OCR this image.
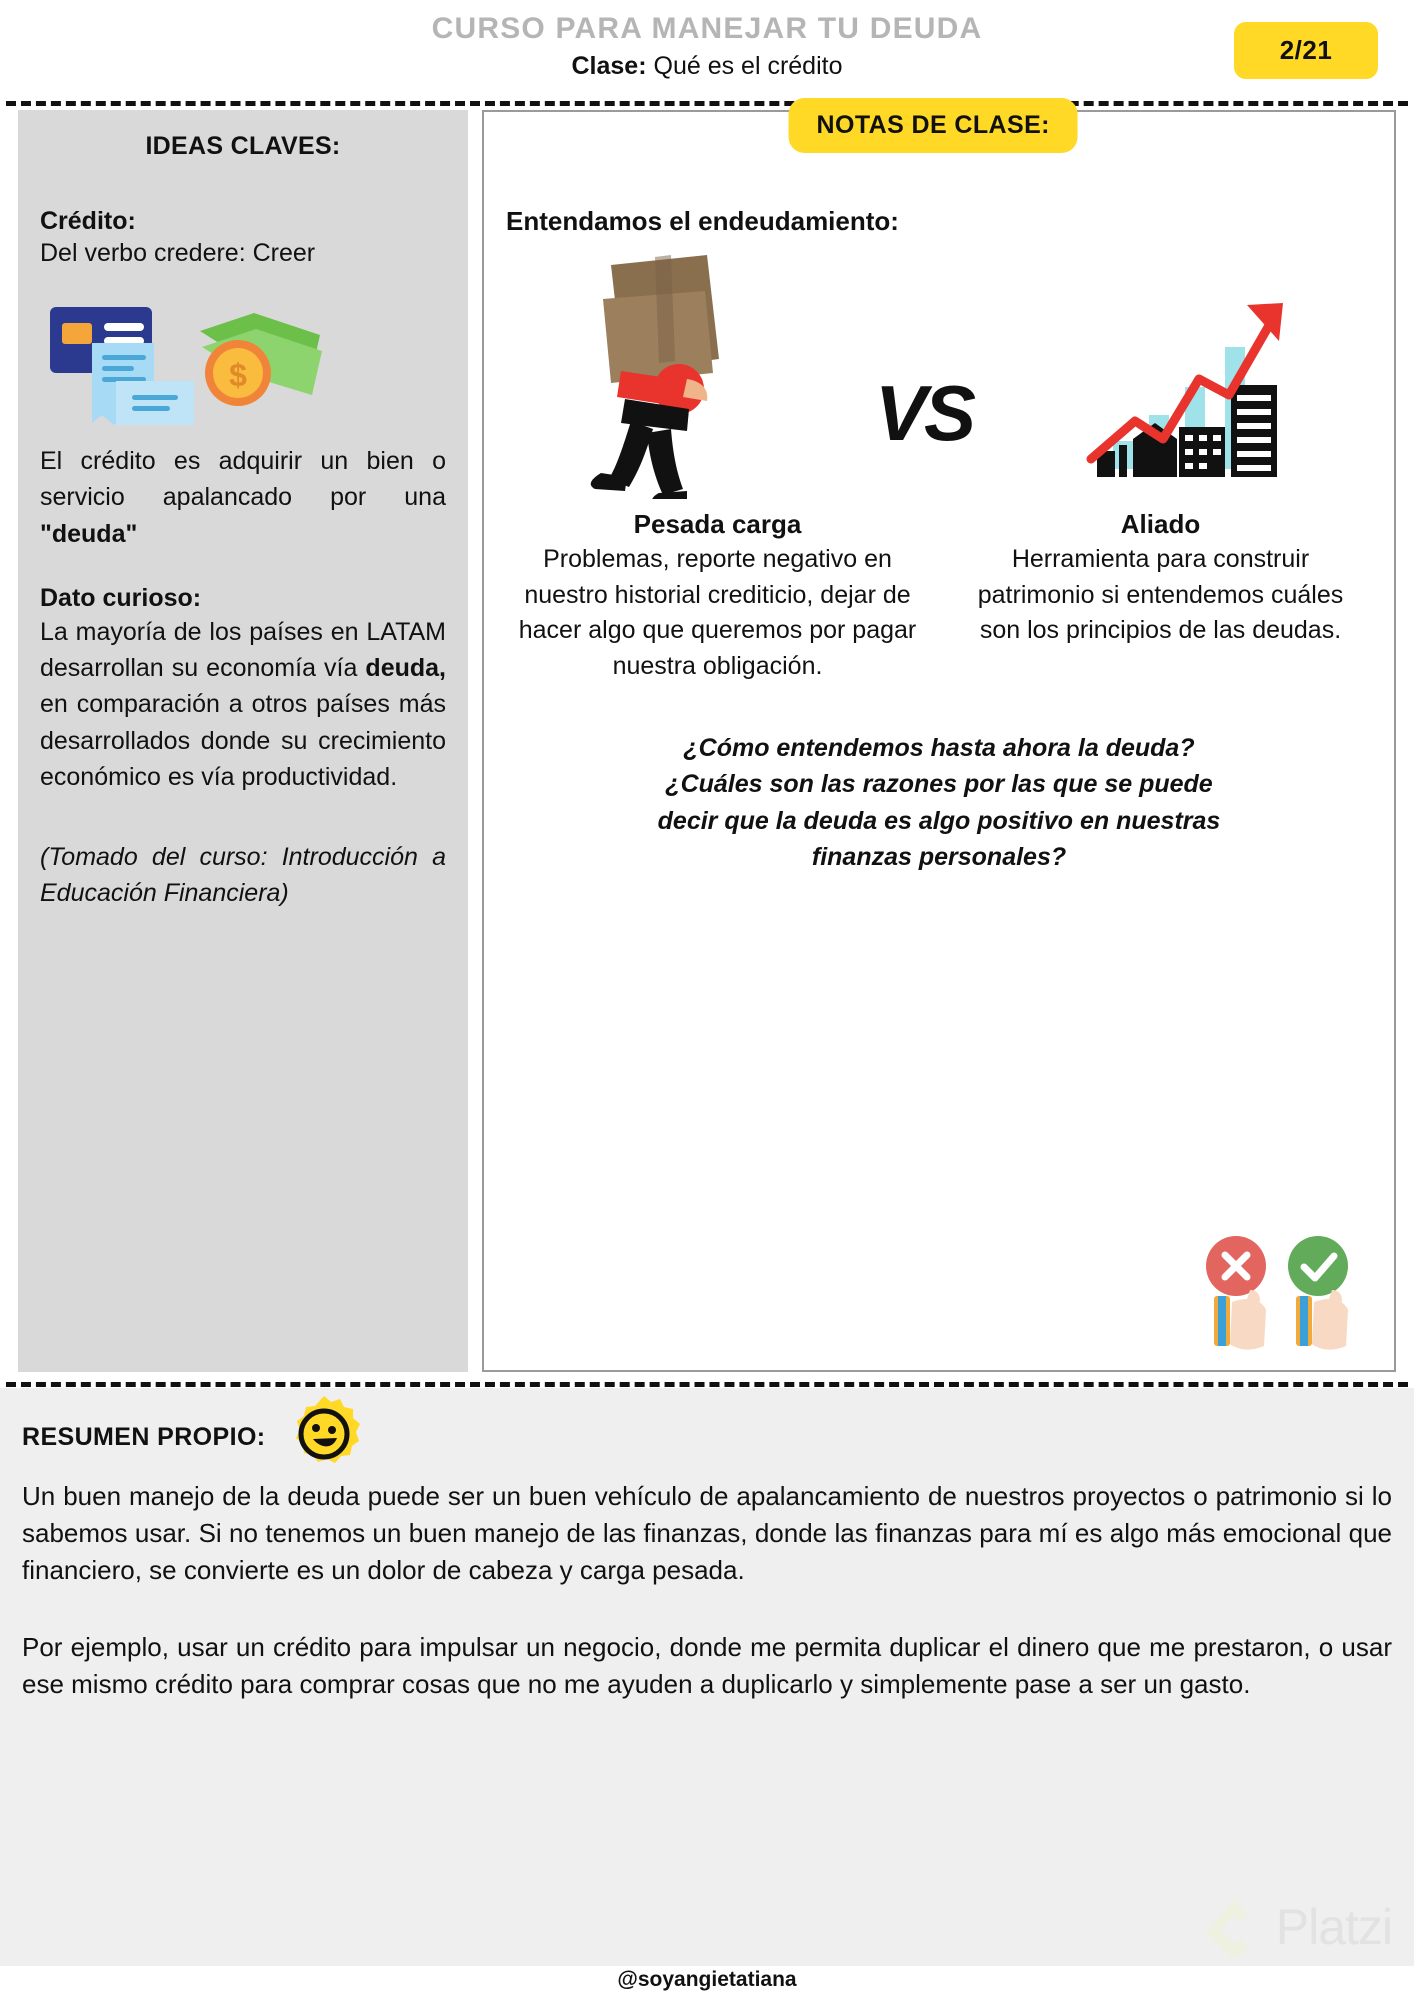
CURSO PARA MANEJAR TU DEUDA
Clase: Qué es el crédito
2/21
IDEAS CLAVES:
Crédito:
Del verbo credere: Creer
$
El crédito es adquirir un bien o servicio apalancado por una "deuda"
Dato curioso:
La mayoría de los países en LATAM desarrollan su economía vía deuda, en comparación a otros países más desarrollados donde su crecimiento económico es vía productividad.
(Tomado del curso: Introducción a Educación Financiera)
NOTAS DE CLASE:
Entendamos el endeudamiento:
VS
Pesada carga
Problemas, reporte negativo en nuestro historial crediticio, dejar de hacer algo que queremos por pagar nuestra obligación.
Aliado
Herramienta para construir patrimonio si entendemos cuáles son los principios de las deudas.
¿Cómo entendemos hasta ahora la deuda?
¿Cuáles son las razones por las que se puede
decir que la deuda es algo positivo en nuestras
finanzas personales?
RESUMEN PROPIO:
Un buen manejo de la deuda puede ser un buen vehículo de apalancamiento de nuestros proyectos o patrimonio si lo sabemos usar. Si no tenemos un buen manejo de las finanzas, donde las finanzas para mí es algo más emocional que financiero, se convierte es un dolor de cabeza y carga pesada.
Por ejemplo, usar un crédito para impulsar un negocio, donde me permita duplicar el dinero que me prestaron, o usar ese mismo crédito para comprar cosas que no me ayuden a duplicarlo y simplemente pase a ser un gasto.
Platzi
@soyangietatiana
